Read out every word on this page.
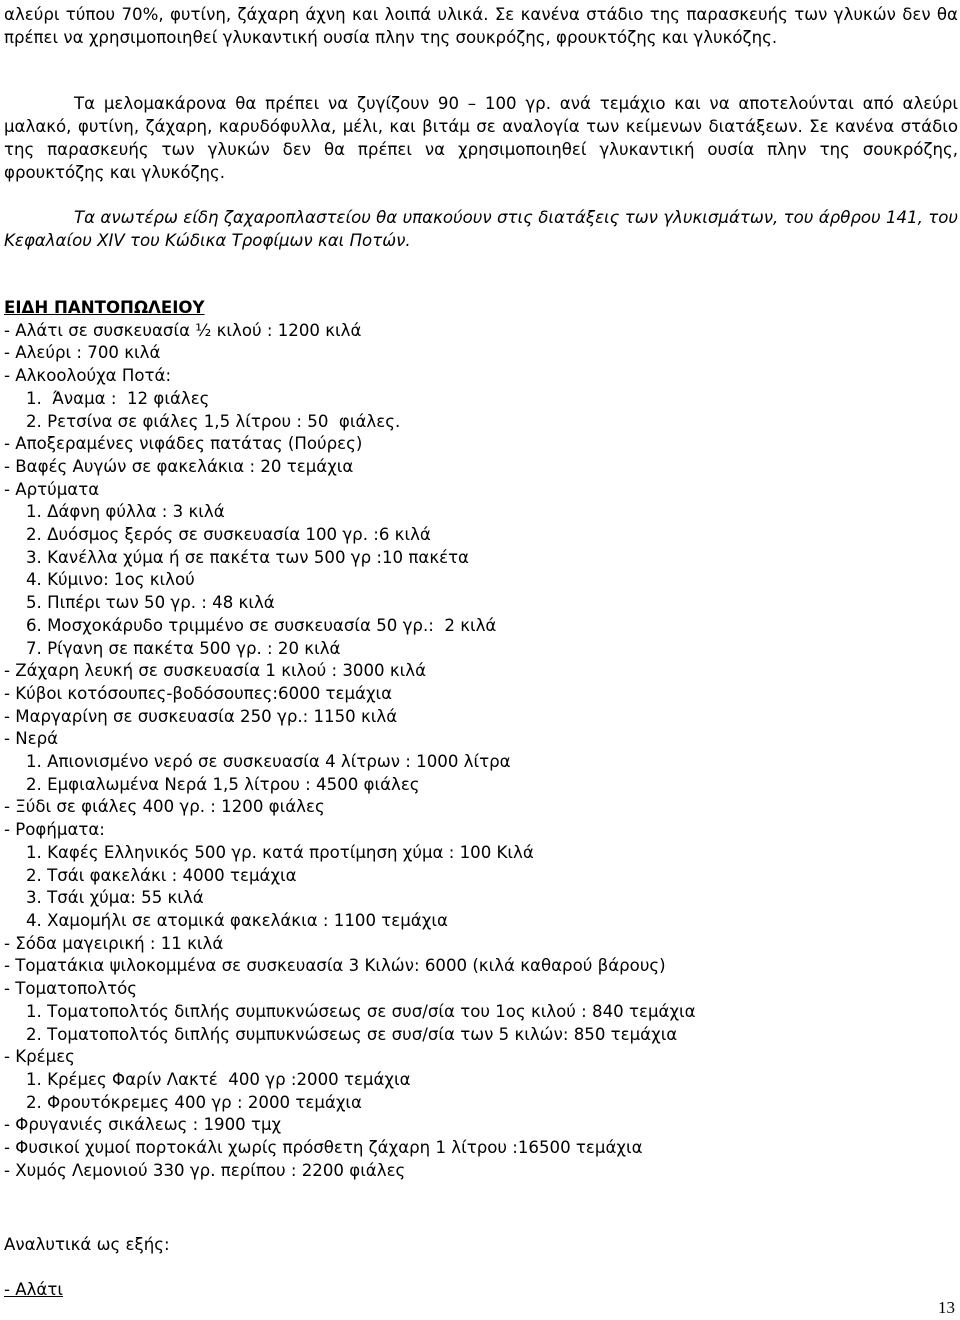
αλεύρι τύπου 70%, φυτίνη, ζάχαρη άχνη και λοιπά υλικά. Σε κανένα στάδιο της παρασκευής των γλυκών δεν θα πρέπει να χρησιμοποιηθεί γλυκαντική ουσία πλην της σουκρόζης, φρουκτόζης και γλυκόζης.

Τα μελομακάρονα θα πρέπει να ζυγίζουν 90 – 100 γρ. ανά τεμάχιο και να αποτελούνται από αλεύρι μαλακό, φυτίνη, ζάχαρη, καρυδόφυλλα, μέλι, και βιτάμ σε αναλογία των κείμενων διατάξεων. Σε κανένα στάδιο της παρασκευής των γλυκών δεν θα πρέπει να χρησιμοποιηθεί γλυκαντική ουσία πλην της σουκρόζης, φρουκτόζης και γλυκόζης.

Τα ανωτέρω είδη ζαχαροπλαστείου θα υπακούουν στις διατάξεις των γλυκισμάτων, του άρθρου 141, του Κεφαλαίου XIV του Κώδικα Τροφίμων και Ποτών.

ΕΙΔΗ ΠΑΝΤΟΠΩΛΕΙΟΥ
- Αλάτι σε συσκευασία ½ κιλού : 1200 κιλά
- Αλεύρι : 700 κιλά
- Αλκοολούχα Ποτά:
1.  Άναμα :  12 φιάλες
2. Ρετσίνα σε φιάλες 1,5 λίτρου : 50  φιάλες.
- Αποξεραμένες νιφάδες πατάτας (Πούρες)
- Βαφές Αυγών σε φακελάκια : 20 τεμάχια
- Αρτύματα
1. Δάφνη φύλλα : 3 κιλά
2. Δυόσμος ξερός σε συσκευασία 100 γρ. :6 κιλά
3. Κανέλλα χύμα ή σε πακέτα των 500 γρ :10 πακέτα
4. Κύμινο: 1ος κιλού
5. Πιπέρι των 50 γρ. : 48 κιλά
6. Μοσχοκάρυδο τριμμένο σε συσκευασία 50 γρ.:  2 κιλά
7. Ρίγανη σε πακέτα 500 γρ. : 20 κιλά
- Ζάχαρη λευκή σε συσκευασία 1 κιλού : 3000 κιλά
- Κύβοι κοτόσουπες-βοδόσουπες:6000 τεμάχια
- Μαργαρίνη σε συσκευασία 250 γρ.: 1150 κιλά
- Νερά
1. Απιονισμένο νερό σε συσκευασία 4 λίτρων : 1000 λίτρα
2. Εμφιαλωμένα Νερά 1,5 λίτρου : 4500 φιάλες
- Ξύδι σε φιάλες 400 γρ. : 1200 φιάλες
- Ροφήματα:
1. Καφές Ελληνικός 500 γρ. κατά προτίμηση χύμα : 100 Κιλά
2. Τσάι φακελάκι : 4000 τεμάχια
3. Τσάι χύμα: 55 κιλά
4. Χαμομήλι σε ατομικά φακελάκια : 1100 τεμάχια
- Σόδα μαγειρική : 11 κιλά
- Τοματάκια ψιλοκομμένα σε συσκευασία 3 Κιλών: 6000 (κιλά καθαρού βάρους)
- Τοματοπολτός
1. Τοματοπολτός διπλής συμπυκνώσεως σε συσ/σία του 1ος κιλού : 840 τεμάχια
2. Τοματοπολτός διπλής συμπυκνώσεως σε συσ/σία των 5 κιλών: 850 τεμάχια
- Κρέμες
1. Κρέμες Φαρίν Λακτέ  400 γρ :2000 τεμάχια
2. Φρουτόκρεμες 400 γρ : 2000 τεμάχια
- Φρυγανιές σικάλεως : 1900 τμχ
- Φυσικοί χυμοί πορτοκάλι χωρίς πρόσθετη ζάχαρη 1 λίτρου :16500 τεμάχια
- Χυμός Λεμονιού 330 γρ. περίπου : 2200 φιάλες

Αναλυτικά ως εξής:

- Αλάτι

13
